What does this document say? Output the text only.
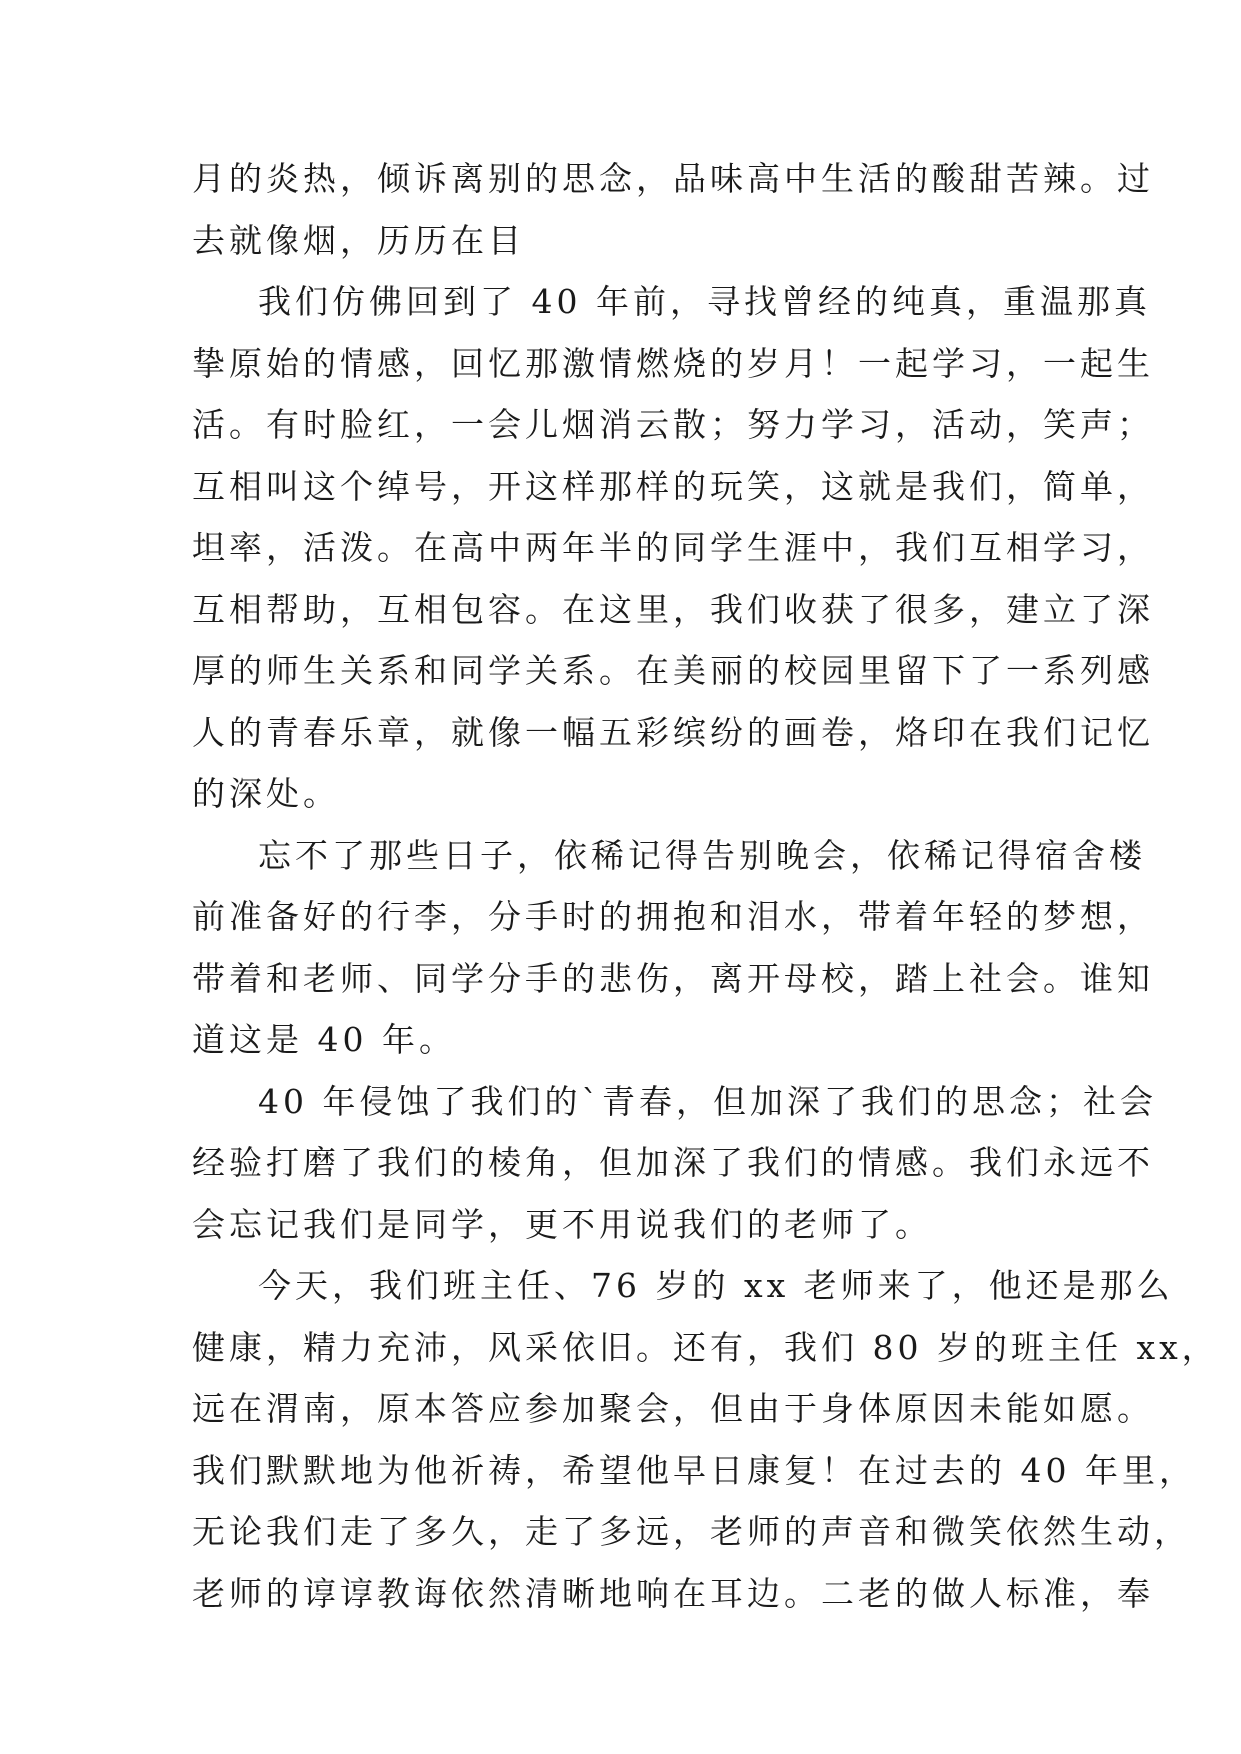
月的炎热，倾诉离别的思念，品味高中生活的酸甜苦辣。过
去就像烟，历历在目

我们仿佛回到了 40 年前，寻找曾经的纯真，重温那真
挚原始的情感，回忆那激情燃烧的岁月！一起学习，一起生
活。有时脸红，一会儿烟消云散；努力学习，活动，笑声；
互相叫这个绰号，开这样那样的玩笑，这就是我们，简单，
坦率，活泼。在高中两年半的同学生涯中，我们互相学习，
互相帮助，互相包容。在这里，我们收获了很多，建立了深
厚的师生关系和同学关系。在美丽的校园里留下了一系列感
人的青春乐章，就像一幅五彩缤纷的画卷，烙印在我们记忆
的深处。

忘不了那些日子，依稀记得告别晚会，依稀记得宿舍楼
前准备好的行李，分手时的拥抱和泪水，带着年轻的梦想，
带着和老师、同学分手的悲伤，离开母校，踏上社会。谁知
道这是 40 年。

40 年侵蚀了我们的`青春，但加深了我们的思念；社会
经验打磨了我们的棱角，但加深了我们的情感。我们永远不
会忘记我们是同学，更不用说我们的老师了。

今天，我们班主任、76 岁的 xx 老师来了，他还是那么
健康，精力充沛，风采依旧。还有，我们 80 岁的班主任 xx，
远在渭南，原本答应参加聚会，但由于身体原因未能如愿。
我们默默地为他祈祷，希望他早日康复！在过去的 40 年里，
无论我们走了多久，走了多远，老师的声音和微笑依然生动，
老师的谆谆教诲依然清晰地响在耳边。二老的做人标准，奉
